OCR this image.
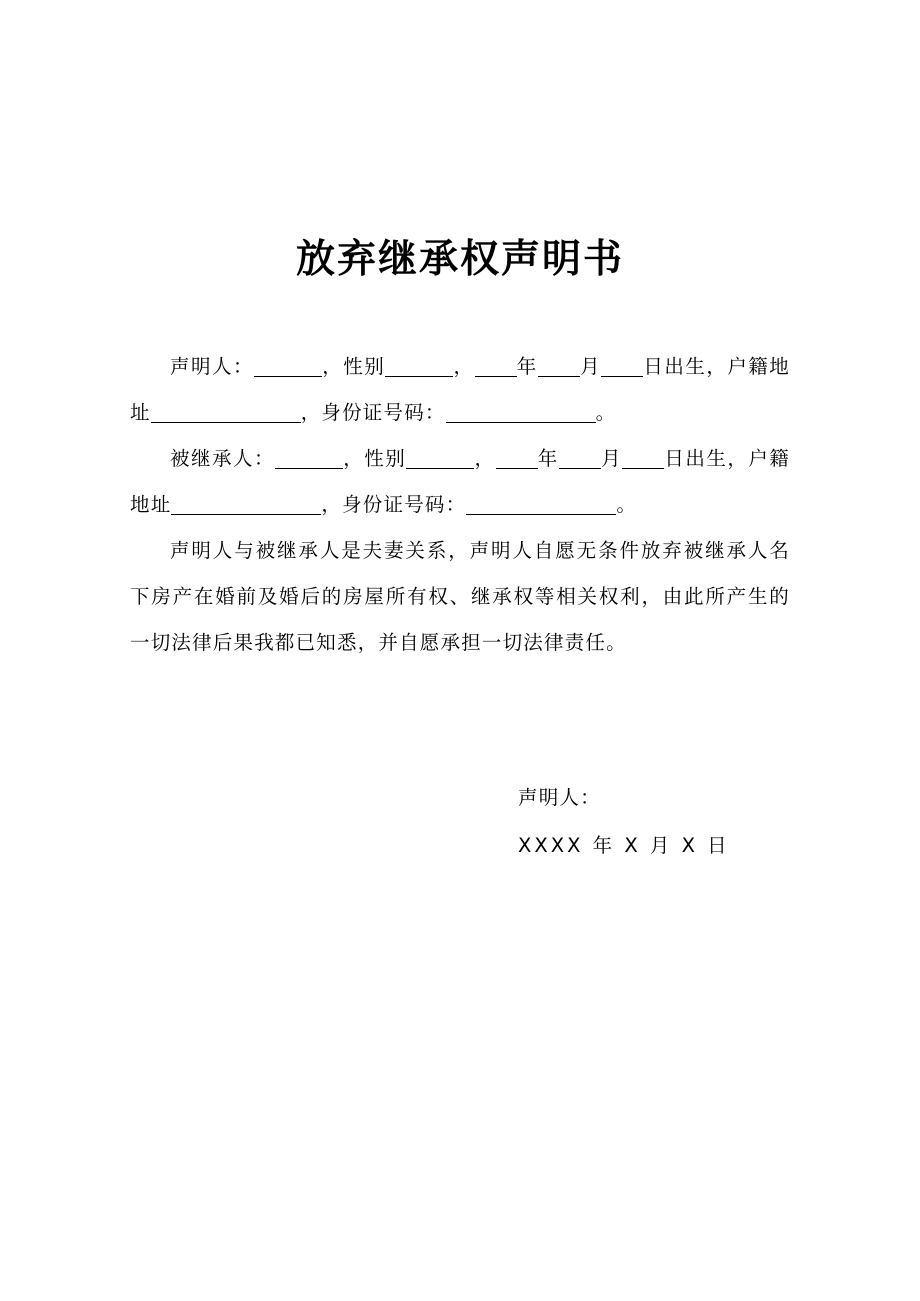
放弃继承权声明书

声明人：	，性别	， 年 月 日出生，户籍地址	，身份证号码：	。

被继承人：	，性别	， 年 月 日出生，户籍地址	，身份证号码：	。

声明人与被继承人是夫妻关系，声明人自愿无条件放弃被继承人名下房产在婚前及婚后的房屋所有权、继承权等相关权利，由此所产生的一切法律后果我都已知悉，并自愿承担一切法律责任。

声明人：
XXXX 年 X 月 X 日
